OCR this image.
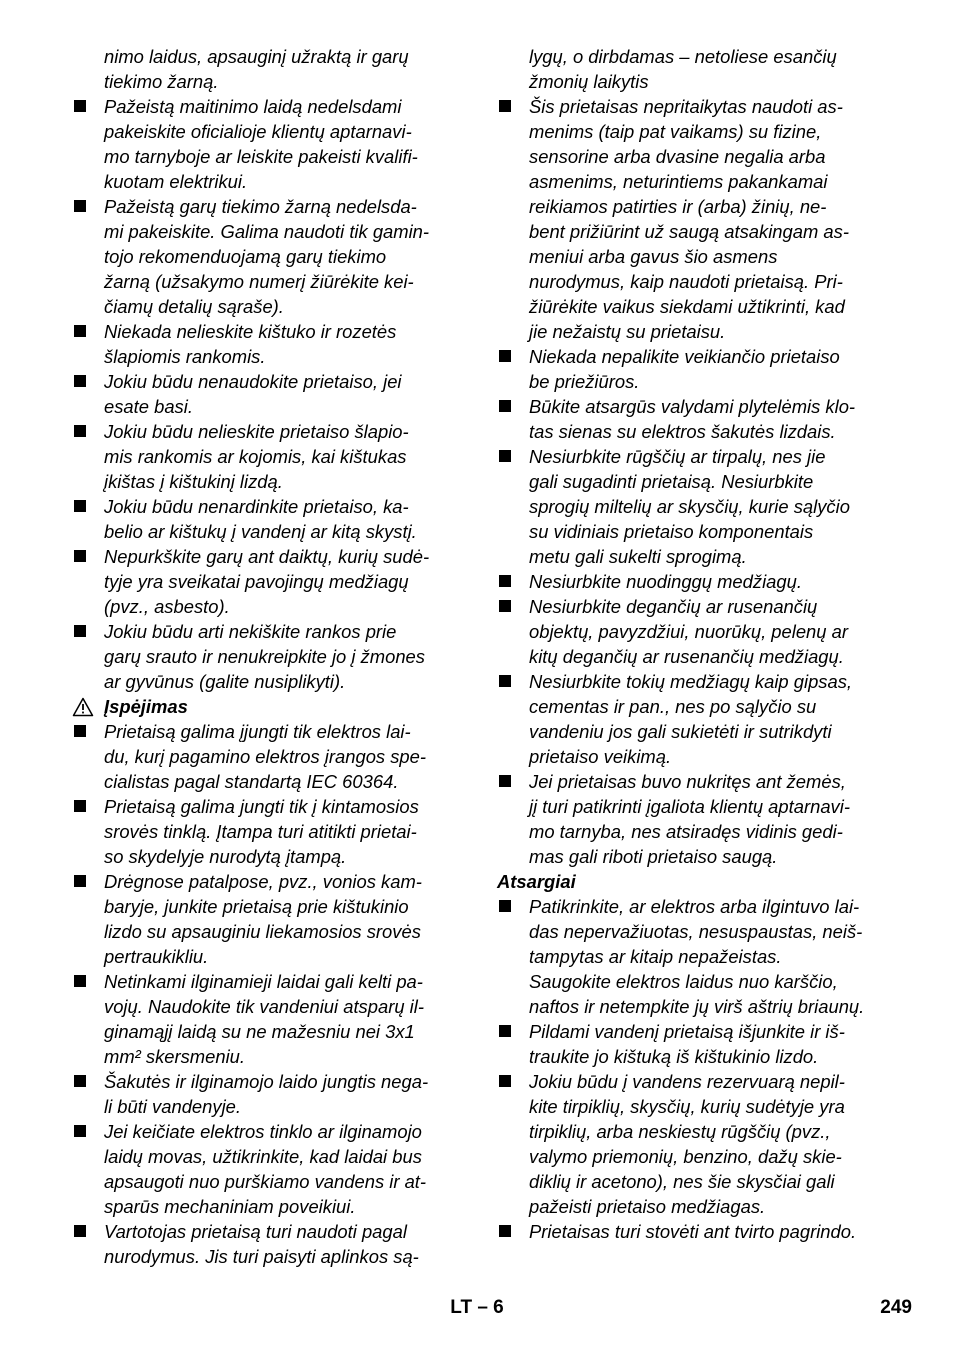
nimo laidus, apsauginį užraktą ir garų
tiekimo žarną.
Pažeistą maitinimo laidą nedelsdami
pakeiskite oficialioje klientų aptarnavi-
mo tarnyboje ar leiskite pakeisti kvalifi-
kuotam elektrikui.
Pažeistą garų tiekimo žarną nedelsda-
mi pakeiskite. Galima naudoti tik gamin-
tojo rekomenduojamą garų tiekimo
žarną (užsakymo numerį žiūrėkite kei-
čiamų detalių sąraše).
Niekada nelieskite kištuko ir rozetės
šlapiomis rankomis.
Jokiu būdu nenaudokite prietaiso, jei
esate basi.
Jokiu būdu nelieskite prietaiso šlapio-
mis rankomis ar kojomis, kai kištukas
įkištas į kištukinį lizdą.
Jokiu būdu nenardinkite prietaiso, ka-
belio ar kištukų į vandenį ar kitą skystį.
Nepurkškite garų ant daiktų, kurių sudė-
tyje yra sveikatai pavojingų medžiagų
(pvz., asbesto).
Jokiu būdu arti nekiškite rankos prie
garų srauto ir nenukreipkite jo į žmones
ar gyvūnus (galite nusiplikyti).
Įspėjimas
Prietaisą galima įjungti tik elektros lai-
du, kurį pagamino elektros įrangos spe-
cialistas pagal standartą IEC 60364.
Prietaisą galima jungti tik į kintamosios
srovės tinklą. Įtampa turi atitikti prietai-
so skydelyje nurodytą įtampą.
Drėgnose patalpose, pvz., vonios kam-
baryje, junkite prietaisą prie kištukinio
lizdo su apsauginiu liekamosios srovės
pertraukikliu.
Netinkami ilginamieji laidai gali kelti pa-
vojų. Naudokite tik vandeniui atsparų il-
ginamąjį laidą su ne mažesniu nei 3x1
mm² skersmeniu.
Šakutės ir ilginamojo laido jungtis nega-
li būti vandenyje.
Jei keičiate elektros tinklo ar ilginamojo
laidų movas, užtikrinkite, kad laidai bus
apsaugoti nuo purškiamo vandens ir at-
sparūs mechaniniam poveikiui.
Vartotojas prietaisą turi naudoti pagal
nurodymus. Jis turi paisyti aplinkos są-
lygų, o dirbdamas – netoliese esančių
žmonių laikytis
Šis prietaisas nepritaikytas naudoti as-
menims (taip pat vaikams) su fizine,
sensorine arba dvasine negalia arba
asmenims, neturintiems pakankamai
reikiamos patirties ir (arba) žinių, ne-
bent prižiūrint už saugą atsakingam as-
meniui arba gavus šio asmens
nurodymus, kaip naudoti prietaisą. Pri-
žiūrėkite vaikus siekdami užtikrinti, kad
jie nežaistų su prietaisu.
Niekada nepalikite veikiančio prietaiso
be priežiūros.
Būkite atsargūs valydami plytelėmis klo-
tas sienas su elektros šakutės lizdais.
Nesiurbkite rūgščių ar tirpalų, nes jie
gali sugadinti prietaisą. Nesiurbkite
sprogių miltelių ar skysčių, kurie sąlyčio
su vidiniais prietaiso komponentais
metu gali sukelti sprogimą.
Nesiurbkite nuodinggų medžiagų.
Nesiurbkite degančių ar rusenančių
objektų, pavyzdžiui, nuorūkų, pelenų ar
kitų degančių ar rusenančių medžiagų.
Nesiurbkite tokių medžiagų kaip gipsas,
cementas ir pan., nes po sąlyčio su
vandeniu jos gali sukietėti ir sutrikdyti
prietaiso veikimą.
Jei prietaisas buvo nukritęs ant žemės,
jį turi patikrinti įgaliota klientų aptarnavi-
mo tarnyba, nes atsiradęs vidinis gedi-
mas gali riboti prietaiso saugą.
Atsargiai
Patikrinkite, ar elektros arba ilgintuvo lai-
das nepervažiuotas, nesuspaustas, neiš-
tampytas ar kitaip nepažeistas.
Saugokite elektros laidus nuo karščio,
naftos ir netempkite jų virš aštrių briaunų.
Pildami vandenį prietaisą išjunkite ir iš-
traukite jo kištuką iš kištukinio lizdo.
Jokiu būdu į vandens rezervuarą nepil-
kite tirpiklių, skysčių, kurių sudėtyje yra
tirpiklių, arba neskiestų rūgščių (pvz.,
valymo priemonių, benzino, dažų skie-
diklių ir acetono), nes šie skysčiai gali
pažeisti prietaiso medžiagas.
Prietaisas turi stovėti ant tvirto pagrindo.
LT – 6	249
